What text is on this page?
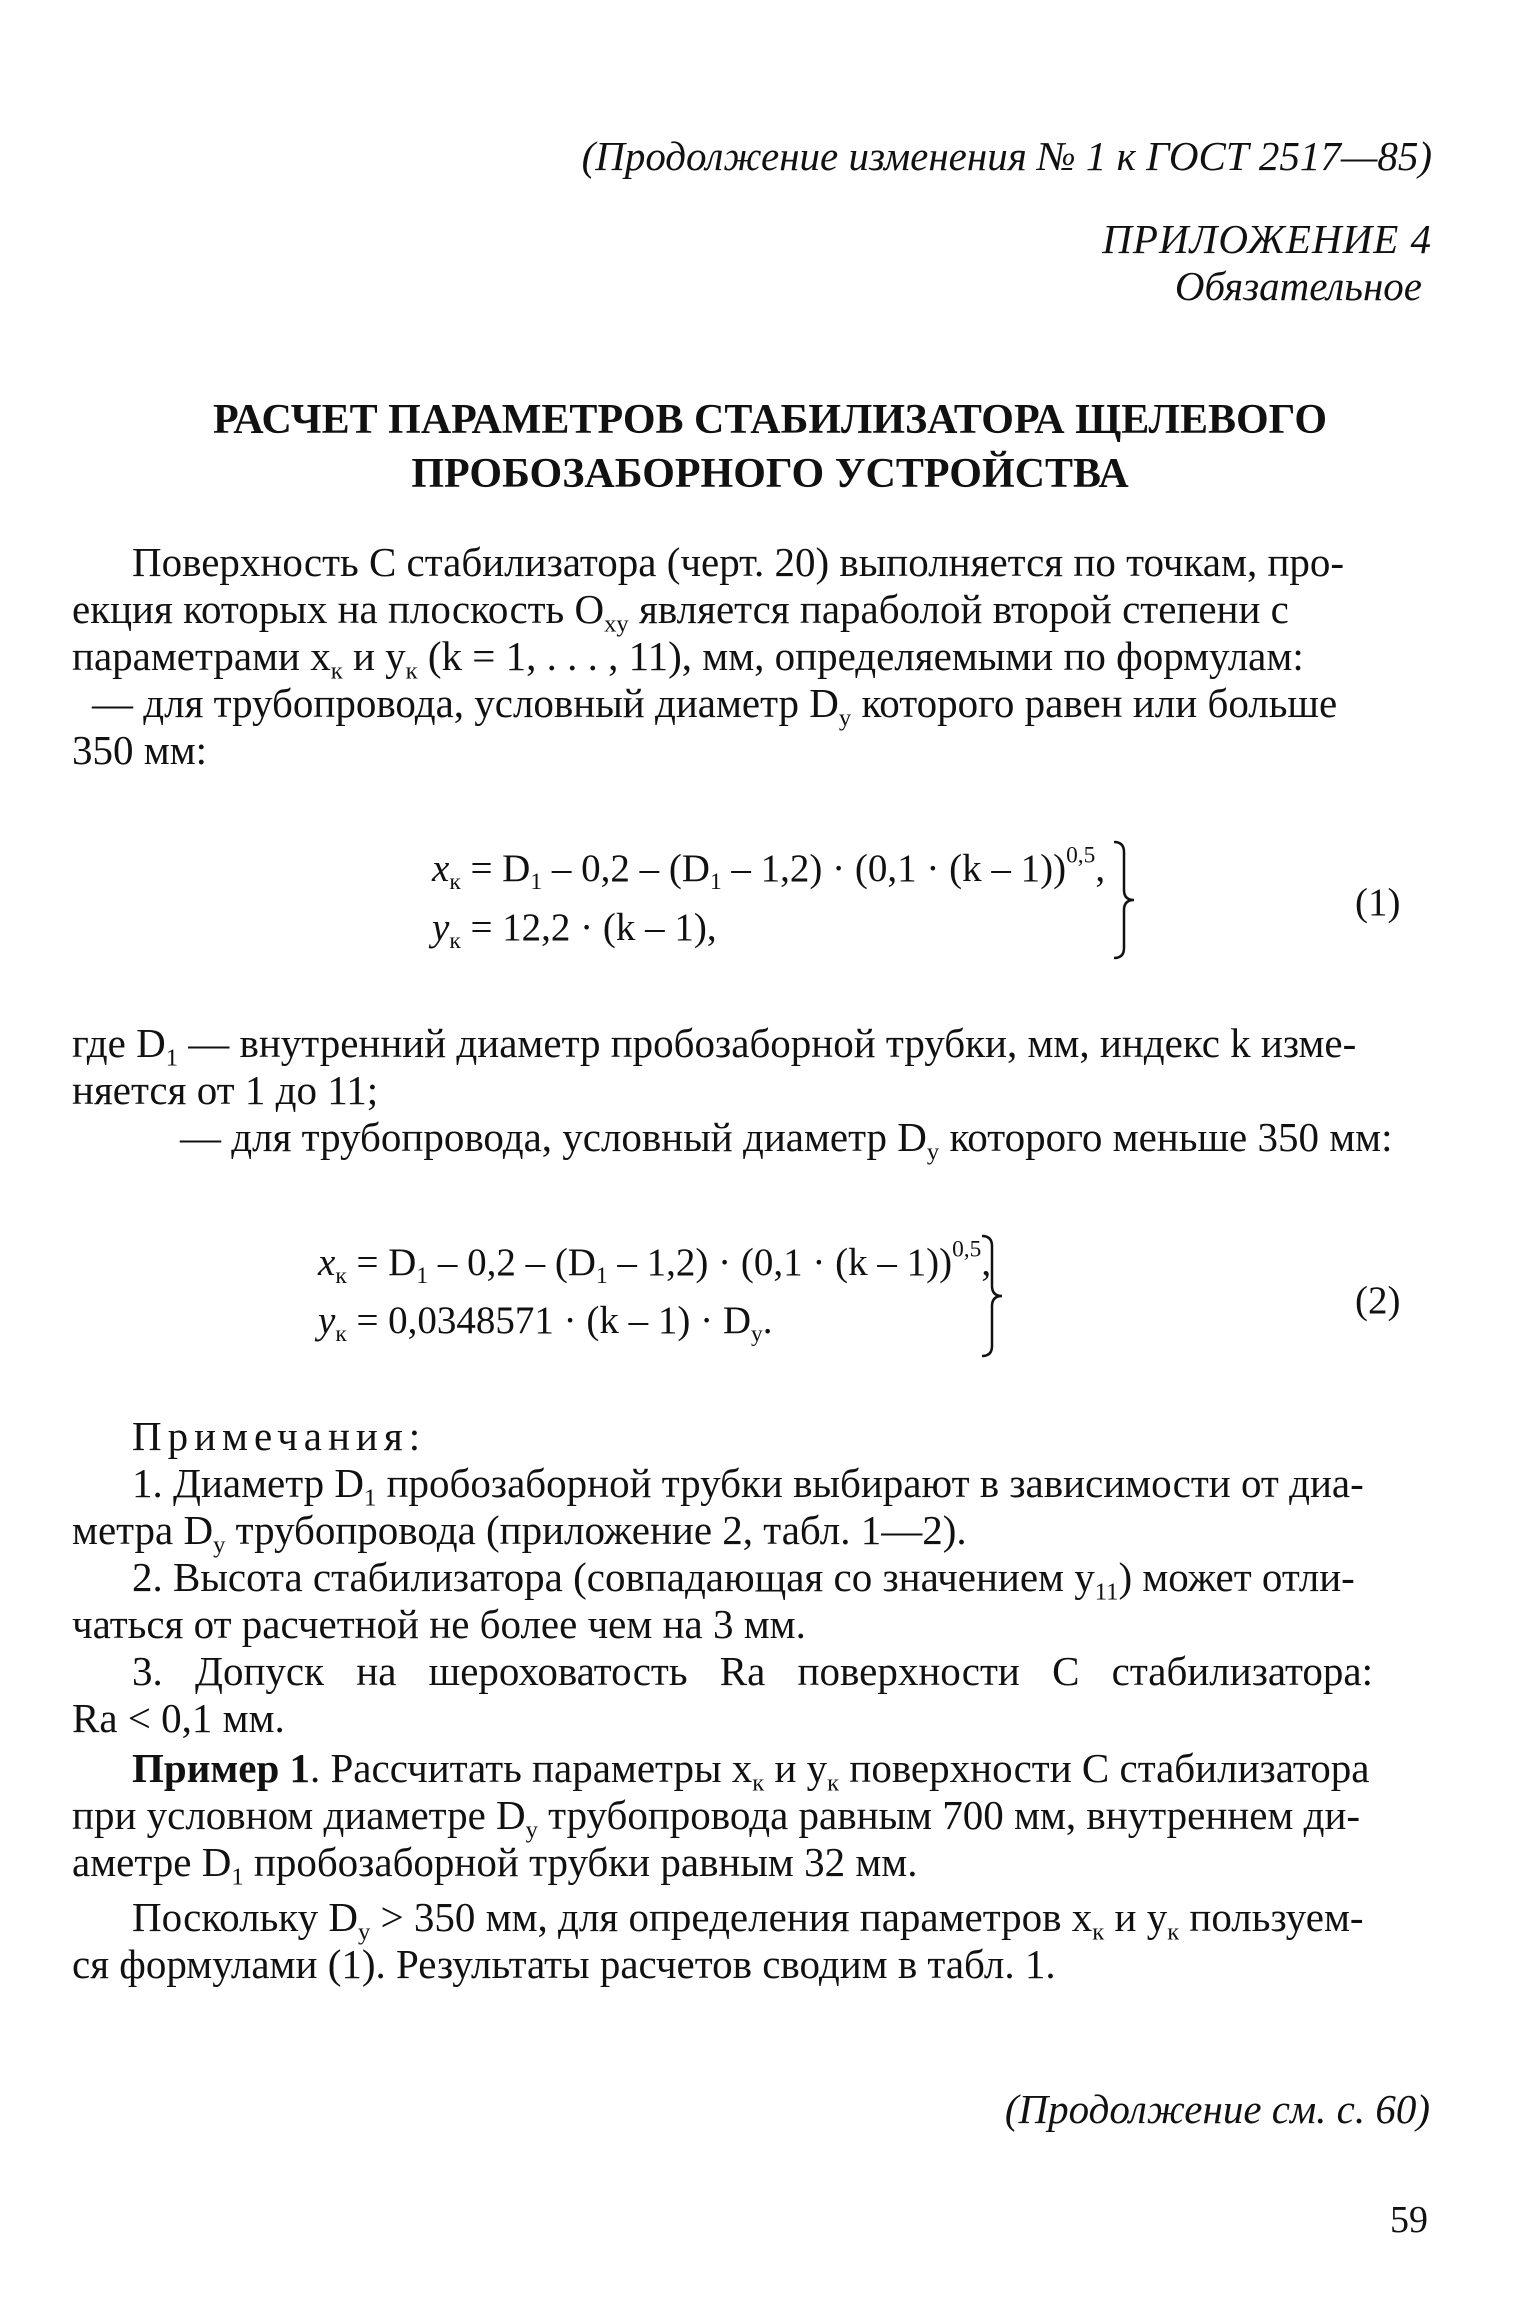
(Продолжение изменения № 1 к ГОСТ 2517—85)
ПРИЛОЖЕНИЕ 4
Обязательное
РАСЧЕТ ПАРАМЕТРОВ СТАБИЛИЗАТОРА ЩЕЛЕВОГО
ПРОБОЗАБОРНОГО УСТРОЙСТВА
Поверхность C стабилизатора (черт. 20) выполняется по точкам, про-
екция которых на плоскость $О_{xy}$ является параболой второй степени с
параметрами $x_к$ и $y_к$ (k = 1, . . . , 11), мм, определяемыми по формулам:
— для трубопровода, условный диаметр $D_y$ которого равен или больше
350 мм:
$x_к = D_1 - 0,2 - (D_1 - 1,2) \cdot (0,1 \cdot (k - 1))^{0,5}$,
$y_к = 12,2 \cdot (k - 1)$,
(1)
где $D_1$ — внутренний диаметр пробозаборной трубки, мм, индекс k изме-
няется от 1 до 11;
— для трубопровода, условный диаметр $D_y$ которого меньше 350 мм:
$x_к = D_1 - 0,2 - (D_1 - 1,2) \cdot (0,1 \cdot (k - 1))^{0,5}$,
$y_к = 0,0348571 \cdot (k - 1) \cdot D_y$.	(2)
Примечания:
1. Диаметр $D_1$ пробозаборной трубки выбирают в зависимости от диа-
метра $D_y$ трубопровода (приложение 2, табл. 1—2).
2. Высота стабилизатора (совпадающая со значением $y_{11}$) может отли-
чаться от расчетной не более чем на 3 мм.
3. Допуск на шероховатость Ra поверхности C стабилизатора:
Ra < 0,1 мм.
Пример 1. Рассчитать параметры $x_к$ и $y_к$ поверхности C стабилизатора
при условном диаметре $D_y$ трубопровода равным 700 мм, внутреннем ди-
аметре $D_1$ пробозаборной трубки равным 32 мм.
Поскольку $D_y > 350$ мм, для определения параметров $x_к$ и $y_к$ пользуем-
ся формулами (1). Результаты расчетов сводим в табл. 1.
(Продолжение см. с. 60)
59
